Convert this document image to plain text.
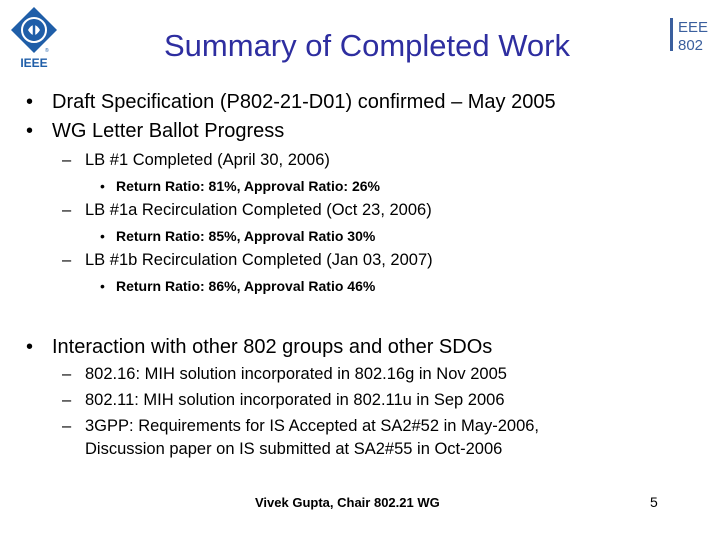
®
IEEE
EEE
802
Summary of Completed Work
• Draft Specification (P802-21-D01) confirmed – May 2005
• WG Letter Ballot Progress
– LB #1 Completed (April 30, 2006)
• Return Ratio: 81%, Approval Ratio: 26%
– LB #1a Recirculation Completed (Oct 23, 2006)
• Return Ratio: 85%, Approval Ratio 30%
– LB #1b Recirculation Completed (Jan 03, 2007)
• Return Ratio: 86%, Approval Ratio 46%
• Interaction with other 802 groups and other SDOs
– 802.16: MIH solution incorporated in 802.16g in Nov 2005
– 802.11: MIH solution incorporated in 802.11u in Sep 2006
– 3GPP: Requirements for IS Accepted at SA2#52 in May-2006,
Discussion paper on IS submitted at SA2#55 in Oct-2006
Vivek Gupta, Chair 802.21 WG	5
